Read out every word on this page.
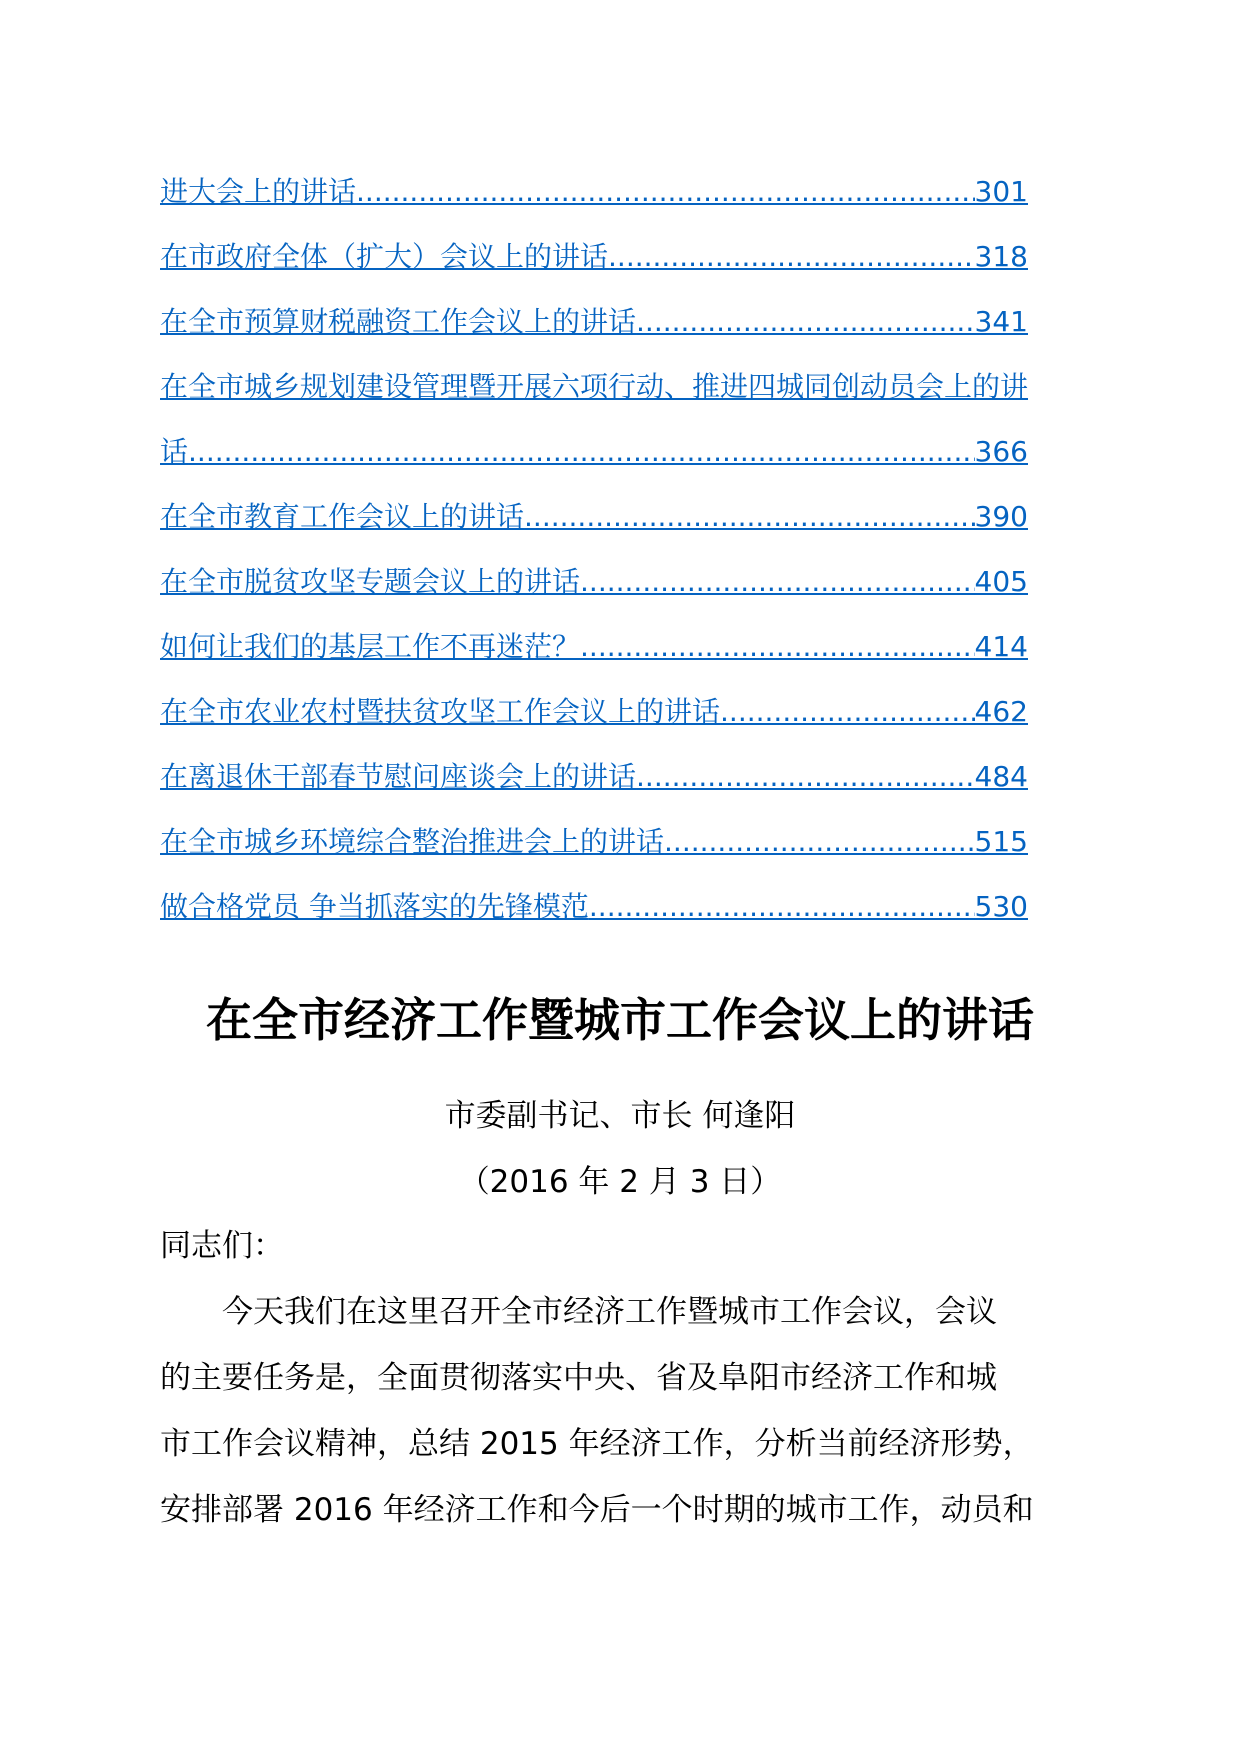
进大会上的讲话 .....	301
在市政府全体（扩大）会议上的讲话 .....	318
在全市预算财税融资工作会议上的讲话 .....	341
在全市城乡规划建设管理暨开展六项行动、推进四城同创动员会上的讲
话 .....	366
在全市教育工作会议上的讲话 .....	390
在全市脱贫攻坚专题会议上的讲话 .....	405
如何让我们的基层工作不再迷茫？ .....	414
在全市农业农村暨扶贫攻坚工作会议上的讲话 .....	462
在离退休干部春节慰问座谈会上的讲话 .....	484
在全市城乡环境综合整治推进会上的讲话 .....	515
做合格党员 争当抓落实的先锋模范 .....	530
在全市经济工作暨城市工作会议上的讲话
市委副书记、市长 何逢阳
（2016 年 2 月 3 日）
同志们：
今天我们在这里召开全市经济工作暨城市工作会议，会议
的主要任务是，全面贯彻落实中央、省及阜阳市经济工作和城
市工作会议精神，总结 2015 年经济工作，分析当前经济形势，
安排部署 2016 年经济工作和今后一个时期的城市工作，动员和
